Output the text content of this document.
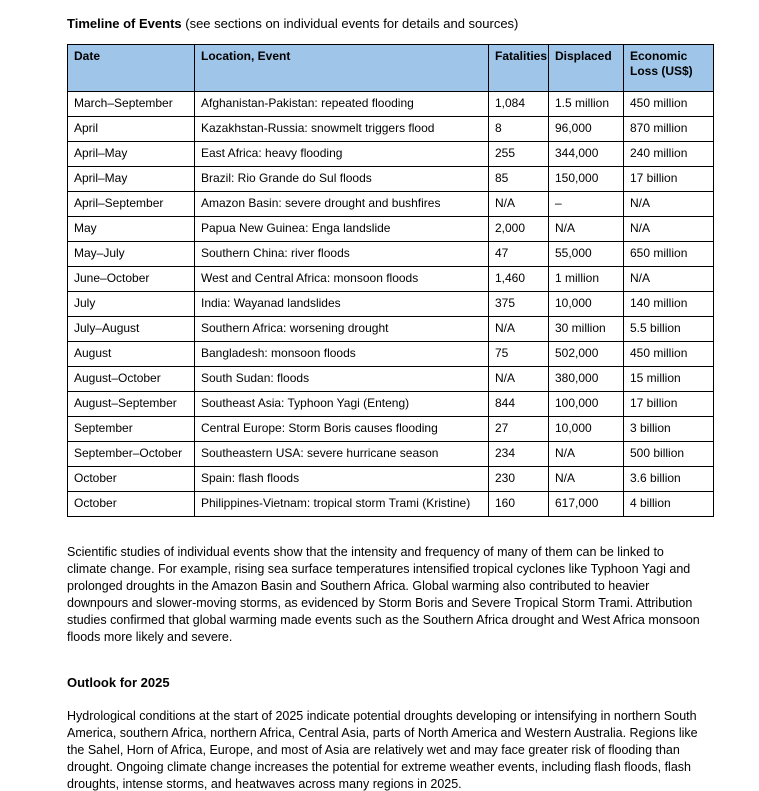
Timeline of Events (see sections on individual events for details and sources)

Date	Location, Event	Fatalities	Displaced	Economic Loss (US$)
March–September	Afghanistan-Pakistan: repeated flooding	1,084	1.5 million	450 million
April	Kazakhstan-Russia: snowmelt triggers flood	8	96,000	870 million
April–May	East Africa: heavy flooding	255	344,000	240 million
April–May	Brazil: Rio Grande do Sul floods	85	150,000	17 billion
April–September	Amazon Basin: severe drought and bushfires	N/A	–	N/A
May	Papua New Guinea: Enga landslide	2,000	N/A	N/A
May–July	Southern China: river floods	47	55,000	650 million
June–October	West and Central Africa: monsoon floods	1,460	1 million	N/A
July	India: Wayanad landslides	375	10,000	140 million
July–August	Southern Africa: worsening drought	N/A	30 million	5.5 billion
August	Bangladesh: monsoon floods	75	502,000	450 million
August–October	South Sudan: floods	N/A	380,000	15 million
August–September	Southeast Asia: Typhoon Yagi (Enteng)	844	100,000	17 billion
September	Central Europe: Storm Boris causes flooding	27	10,000	3 billion
September–October	Southeastern USA: severe hurricane season	234	N/A	500 billion
October	Spain: flash floods	230	N/A	3.6 billion
October	Philippines-Vietnam: tropical storm Trami (Kristine)	160	617,000	4 billion

Scientific studies of individual events show that the intensity and frequency of many of them can be linked to climate change. For example, rising sea surface temperatures intensified tropical cyclones like Typhoon Yagi and prolonged droughts in the Amazon Basin and Southern Africa. Global warming also contributed to heavier downpours and slower-moving storms, as evidenced by Storm Boris and Severe Tropical Storm Trami. Attribution studies confirmed that global warming made events such as the Southern Africa drought and West Africa monsoon floods more likely and severe.

Outlook for 2025

Hydrological conditions at the start of 2025 indicate potential droughts developing or intensifying in northern South America, southern Africa, northern Africa, Central Asia, parts of North America and Western Australia. Regions like the Sahel, Horn of Africa, Europe, and most of Asia are relatively wet and may face greater risk of flooding than drought. Ongoing climate change increases the potential for extreme weather events, including flash floods, flash droughts, intense storms, and heatwaves across many regions in 2025.
